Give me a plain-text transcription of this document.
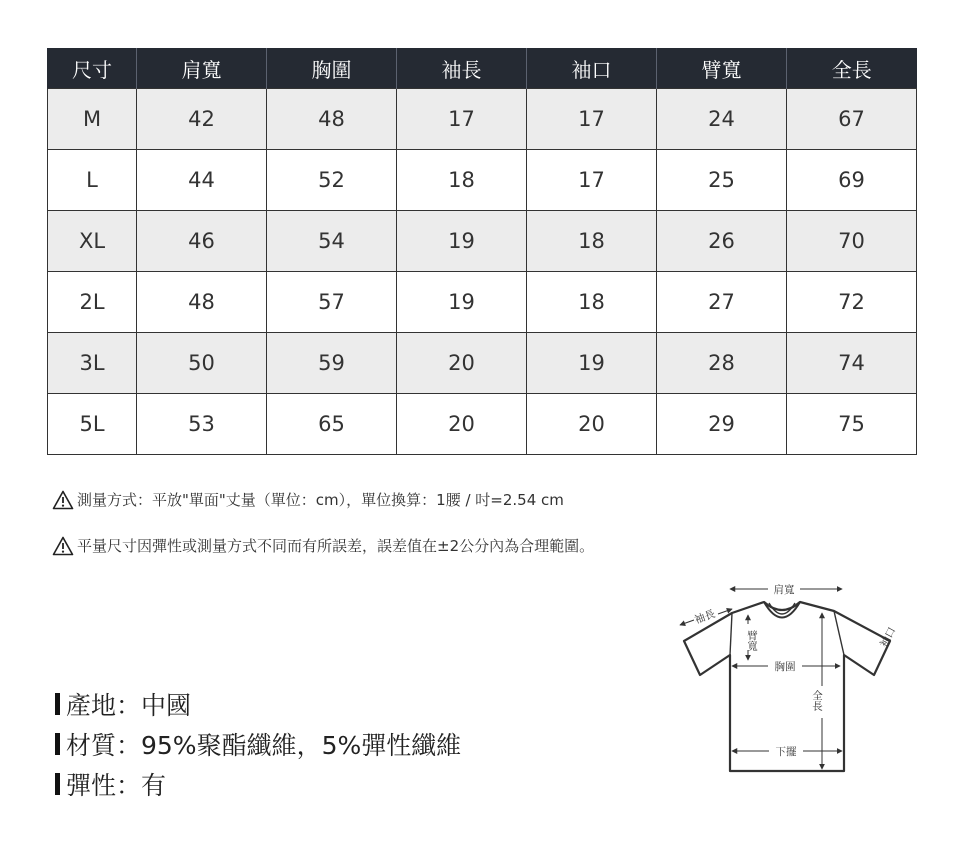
尺寸	肩寬	胸圍	袖長	袖口	臂寬	全長
M	42	48	17	17	24	67
L	44	52	18	17	25	69
XL	46	54	19	18	26	70
2L	48	57	19	18	27	72
3L	50	59	20	19	28	74
5L	53	65	20	20	29	75
測量方式：平放"單面"丈量（單位：cm），單位換算：1腰 / 吋=2.54 cm
平量尺寸因彈性或測量方式不同而有所誤差，誤差值在±2公分內為合理範圍。
產地：中國
材質：95%聚酯纖維，5%彈性纖維
彈性：有
肩寬
袖長
臂寬
胸圍
全長
袖口
下擺
